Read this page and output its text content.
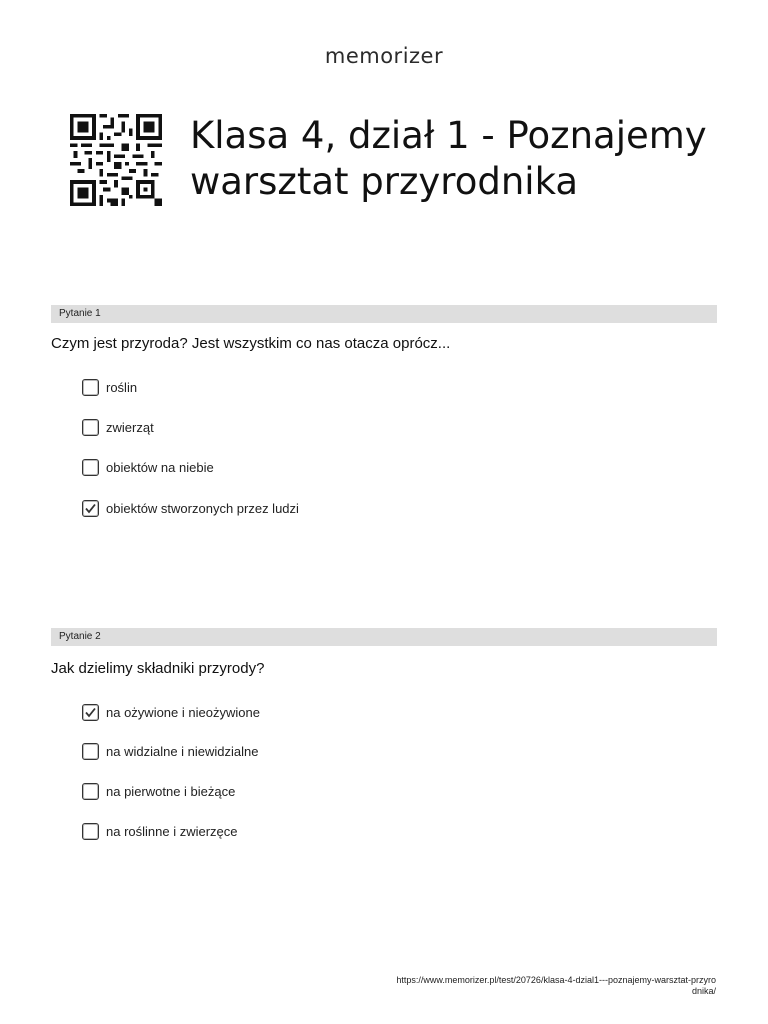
memorizer
Klasa 4, dział 1 - Poznajemy warsztat przyrodnika
Pytanie 1

Czym jest przyroda? Jest wszystkim co nas otacza oprócz...

roślin
zwierząt
obiektów na niebie
obiektów stworzonych przez ludzi
Pytanie 2

Jak dzielimy składniki przyrody?

na ożywione i nieożywione
na widzialne i niewidzialne
na pierwotne i bieżące
na roślinne i zwierzęce
https://www.memorizer.pl/test/20726/klasa-4-dzial1---poznajemy-warsztat-przyrodnika/
